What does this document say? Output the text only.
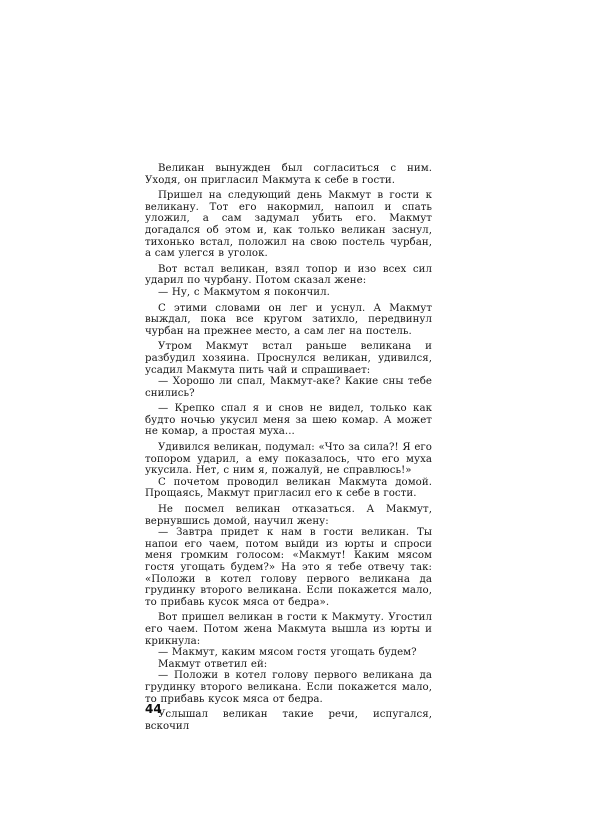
Великан вынужден был согласиться с ним. Уходя, он пригласил Макмута к себе в гости.

Пришел на следующий день Макмут в гости к великану. Тот его накормил, напоил и спать уложил, а сам задумал убить его. Макмут догадался об этом и, как только великан заснул, тихонько встал, положил на свою постель чурбан, а сам улегся в уголок.

Вот встал великан, взял топор и изо всех сил ударил по чурбану. Потом сказал жене:

— Ну, с Макмутом я покончил.

С этими словами он лег и уснул. А Макмут выждал, пока все кругом затихло, передвинул чурбан на прежнее место, а сам лег на постель.

Утром Макмут встал раньше великана и разбудил хозяина. Проснулся великан, удивился, усадил Макмута пить чай и спрашивает:

— Хорошо ли спал, Макмут-аке? Какие сны тебе снились?

— Крепко спал я и снов не видел, только как будто ночью укусил меня за шею комар. А может не комар, а простая муха...

Удивился великан, подумал: «Что за сила?! Я его топором ударил, а ему показалось, что его муха укусила. Нет, с ним я, пожалуй, не справлюсь!»

С почетом проводил великан Макмута домой. Прощаясь, Макмут пригласил его к себе в гости.

Не посмел великан отказаться. А Макмут, вернувшись домой, научил жену:

— Завтра придет к нам в гости великан. Ты напои его чаем, потом выйди из юрты и спроси меня громким голосом: «Макмут! Каким мясом гостя угощать будем?» На это я тебе отвечу так: «Положи в котел голову первого великана да грудинку второго великана. Если покажется мало, то прибавь кусок мяса от бедра».

Вот пришел великан в гости к Макмуту. Угостил его чаем. Потом жена Макмута вышла из юрты и крикнула:

— Макмут, каким мясом гостя угощать будем?

Макмут ответил ей:

— Положи в котел голову первого великана да грудинку второго великана. Если покажется мало, то прибавь кусок мяса от бедра.

Услышал великан такие речи, испугался, вскочил

44
